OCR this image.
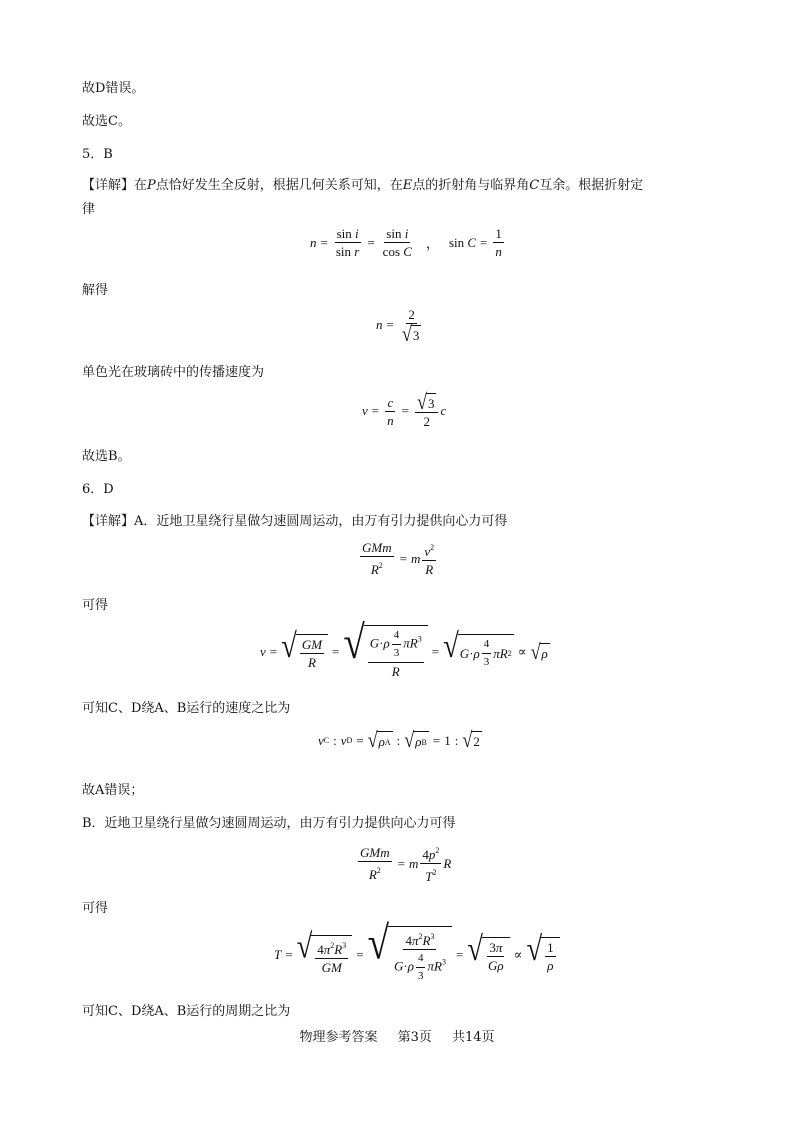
故D错误。
故选C。
5．B
【详解】在P点恰好发生全反射，根据几何关系可知，在E点的折射角与临界角C互余。根据折射定
律
$n = \frac{\text{sin i}}{\text{sin r}} = \frac{\text{sin i}}{\text{cos C}}$ ， $\sin C = \frac{1}{n}$
解得
$n = \frac{2}{√ 3}$
单色光在玻璃砖中的传播速度为
$v = \frac{c}{n} = \frac{√ 3}{2}$ c
故选B。
6．D
【详解】A．近地卫星绕行星做匀速圆周运动，由万有引力提供向心力可得
$\frac{\text{GMm}}{R^2} = m \frac{v^2}{R}$
可得
v = √ $\frac{GM}{R}$ = √ $\frac{G\cdot\rho \frac{4}{3} \pi R^3}{R}$ = √ G · ρ $\frac{4}{3}$ πR 2 ∝ √ ρ
可知C、D绕A、B运行的速度之比为
v C : v D = √ ρ A : √ ρ B = 1 : √ 2
故A错误；
B．近地卫星绕行星做匀速圆周运动，由万有引力提供向心力可得
$\frac{\text{GMm}}{R^2} = m \frac{4p^2}{T^2}$ R
可得
T = √ $\frac{4\pi^2R^3}{GM}$ = √ $\frac{4\pi^2R^3}{G\cdot\rho \frac{4}{3} \pi R^3}$ = √ $\frac{3\pi}{G\rho}$ ∝ √ $\frac{1}{\rho}$
可知C、D绕A、B运行的周期之比为
物理参考答案 第3页 共14页
